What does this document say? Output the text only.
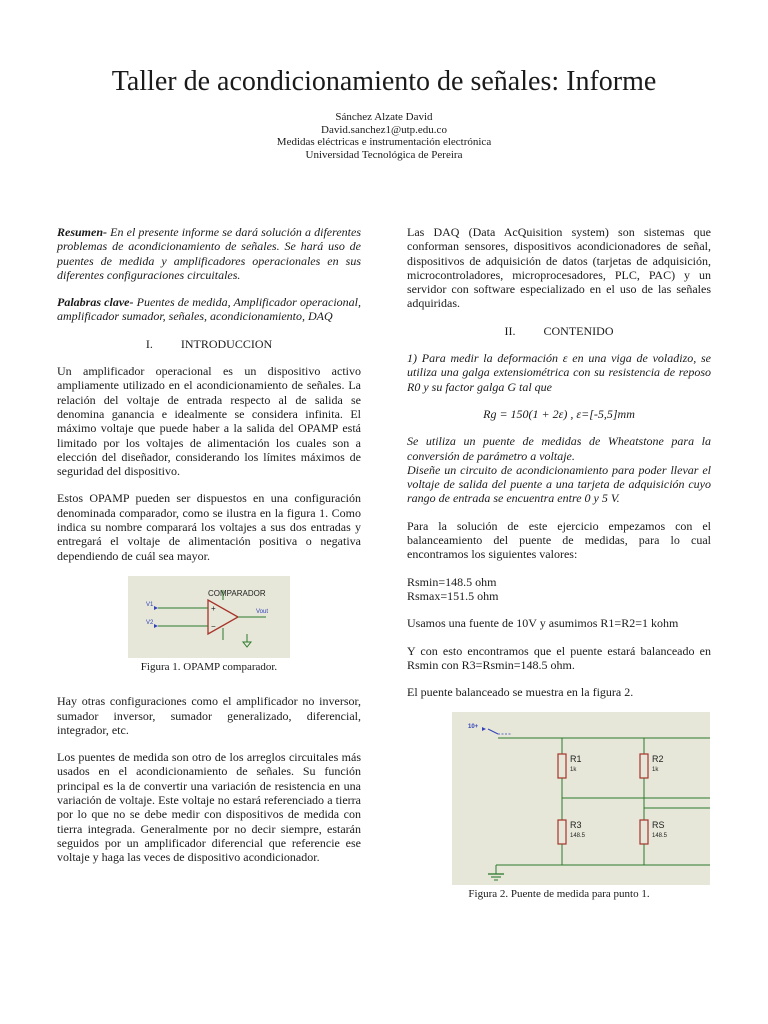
Taller de acondicionamiento de señales: Informe
Sánchez Alzate David
David.sanchez1@utp.edu.co
Medidas eléctricas e instrumentación electrónica
Universidad Tecnológica de Pereira

Resumen- En el presente informe se dará solución a diferentes problemas de acondicionamiento de señales. Se hará uso de puentes de medida y amplificadores operacionales en sus diferentes configuraciones circuitales.

Palabras clave- Puentes de medida, Amplificador operacional, amplificador sumador, señales, acondicionamiento, DAQ

I. INTRODUCCION

Un amplificador operacional es un dispositivo activo ampliamente utilizado en el acondicionamiento de señales. La relación del voltaje de entrada respecto al de salida se denomina ganancia e idealmente se considera infinita. El máximo voltaje que puede haber a la salida del OPAMP está limitado por los voltajes de alimentación los cuales son a elección del diseñador, considerando los límites máximos de seguridad del dispositivo.

Estos OPAMP pueden ser dispuestos en una configuración denominada comparador, como se ilustra en la figura 1. Como indica su nombre comparará los voltajes a sus dos entradas y entregará el voltaje de alimentación positiva o negativa dependiendo de cuál sea mayor.

COMPARADOR
+
−
V1
V2
Vout
Figura 1. OPAMP comparador.

Hay otras configuraciones como el amplificador no inversor, sumador inversor, sumador generalizado, diferencial, integrador, etc.

Los puentes de medida son otro de los arreglos circuitales más usados en el acondicionamiento de señales. Su función principal es la de convertir una variación de resistencia en una variación de voltaje. Este voltaje no estará referenciado a tierra por lo que no se debe medir con dispositivos de medida con tierra integrada. Generalmente por no decir siempre, estarán seguidos por un amplificador diferencial que referencie ese voltaje y haga las veces de dispositivo acondicionador.

Las DAQ (Data AcQuisition system) son sistemas que conforman sensores, dispositivos acondicionadores de señal, dispositivos de adquisición de datos (tarjetas de adquisición, microcontroladores, microprocesadores, PLC, PAC) y un servidor con software especializado en el uso de las señales adquiridas.

II. CONTENIDO

1) Para medir la deformación ε en una viga de voladizo, se utiliza una galga extensiométrica con su resistencia de reposo R0 y su factor galga G tal que

Rg = 150(1 + 2ε) , ε=[-5,5]mm

Se utiliza un puente de medidas de Wheatstone para la conversión de parámetro a voltaje.
Diseñe un circuito de acondicionamiento para poder llevar el voltaje de salida del puente a una tarjeta de adquisición cuyo rango de entrada se encuentra entre 0 y 5 V.

Para la solución de este ejercicio empezamos con el balanceamiento del puente de medidas, para lo cual encontramos los siguientes valores:

Rsmin=148.5 ohm

Rsmax=151.5 ohm

Usamos una fuente de 10V y asumimos R1=R2=1 kohm

Y con esto encontramos que el puente estará balanceado en Rsmin con R3=Rsmin=148.5 ohm.

El puente balanceado se muestra en la figura 2.

10+
R1
1k
R2
1k
R3
148.5
RS
148.5
Figura 2. Puente de medida para punto 1.
